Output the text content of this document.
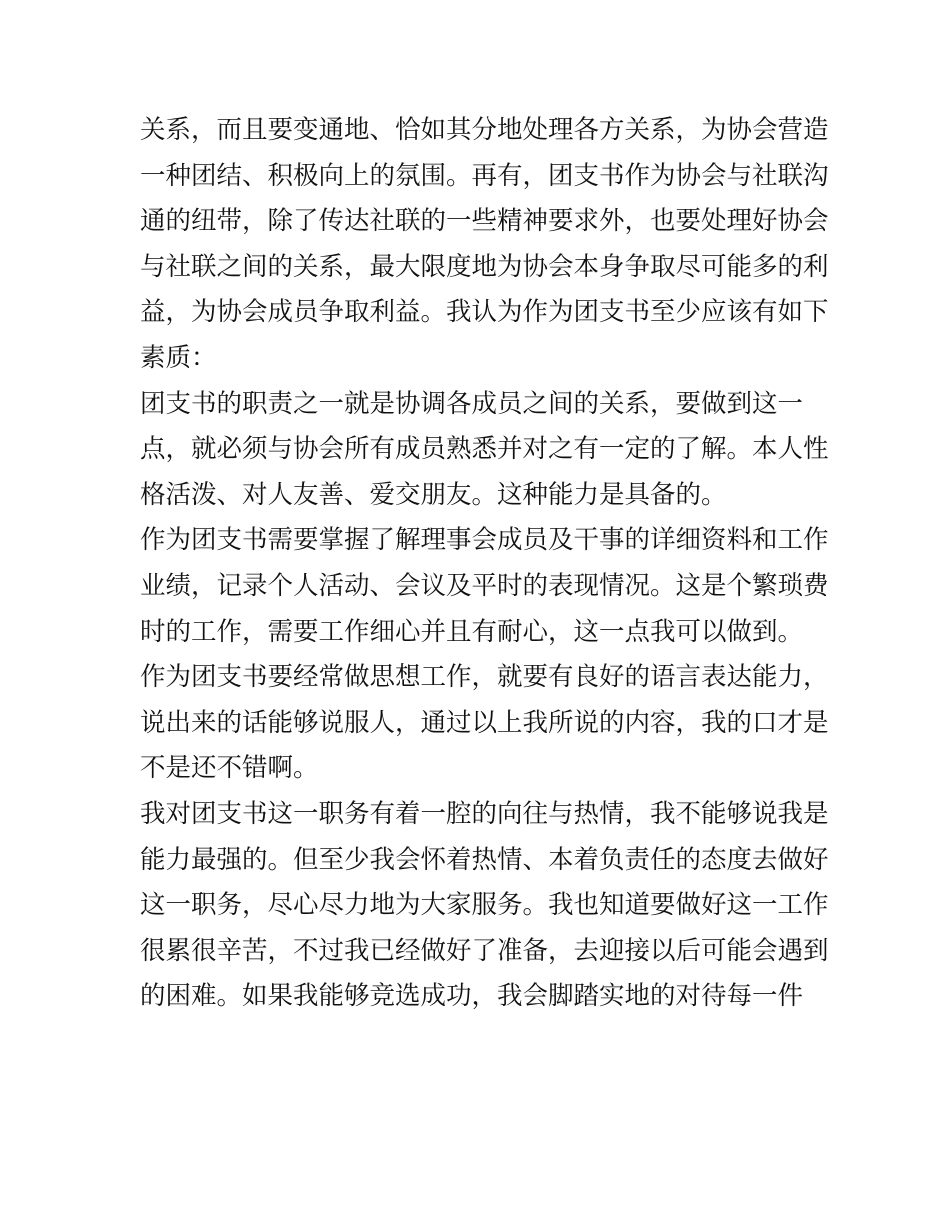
关系，而且要变通地、恰如其分地处理各方关系，为协会营造
一种团结、积极向上的氛围。再有，团支书作为协会与社联沟
通的纽带，除了传达社联的一些精神要求外，也要处理好协会
与社联之间的关系，最大限度地为协会本身争取尽可能多的利
益，为协会成员争取利益。我认为作为团支书至少应该有如下
素质：
团支书的职责之一就是协调各成员之间的关系，要做到这一
点，就必须与协会所有成员熟悉并对之有一定的了解。本人性
格活泼、对人友善、爱交朋友。这种能力是具备的。
作为团支书需要掌握了解理事会成员及干事的详细资料和工作
业绩，记录个人活动、会议及平时的表现情况。这是个繁琐费
时的工作，需要工作细心并且有耐心，这一点我可以做到。
作为团支书要经常做思想工作，就要有良好的语言表达能力，
说出来的话能够说服人，通过以上我所说的内容，我的口才是
不是还不错啊。
我对团支书这一职务有着一腔的向往与热情，我不能够说我是
能力最强的。但至少我会怀着热情、本着负责任的态度去做好
这一职务，尽心尽力地为大家服务。我也知道要做好这一工作
很累很辛苦，不过我已经做好了准备，去迎接以后可能会遇到
的困难。如果我能够竞选成功，我会脚踏实地的对待每一件
